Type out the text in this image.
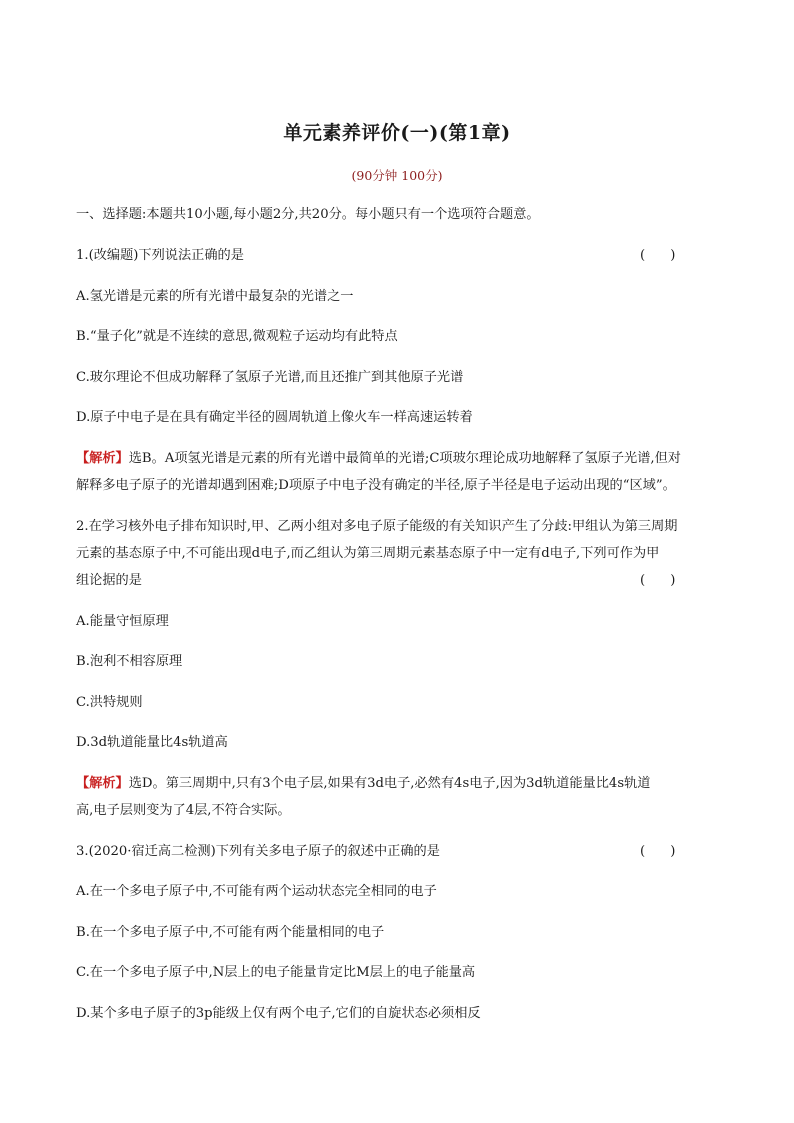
单元素养评价(一)(第1章)
(90分钟 100分)
一、选择题:本题共10小题,每小题2分,共20分。每小题只有一个选项符合题意。
1.(改编题)下列说法正确的是	(      )
A.氢光谱是元素的所有光谱中最复杂的光谱之一
B.“量子化”就是不连续的意思,微观粒子运动均有此特点
C.玻尔理论不但成功解释了氢原子光谱,而且还推广到其他原子光谱
D.原子中电子是在具有确定半径的圆周轨道上像火车一样高速运转着
【解析】选B。A项氢光谱是元素的所有光谱中最简单的光谱;C项玻尔理论成功地解释了氢原子光谱,但对
解释多电子原子的光谱却遇到困难;D项原子中电子没有确定的半径,原子半径是电子运动出现的“区域”。
2.在学习核外电子排布知识时,甲、乙两小组对多电子原子能级的有关知识产生了分歧:甲组认为第三周期
元素的基态原子中,不可能出现d电子,而乙组认为第三周期元素基态原子中一定有d电子,下列可作为甲
组论据的是	(      )
A.能量守恒原理
B.泡利不相容原理
C.洪特规则
D.3d轨道能量比4s轨道高
【解析】选D。第三周期中,只有3个电子层,如果有3d电子,必然有4s电子,因为3d轨道能量比4s轨道
高,电子层则变为了4层,不符合实际。
3.(2020·宿迁高二检测)下列有关多电子原子的叙述中正确的是	(      )
A.在一个多电子原子中,不可能有两个运动状态完全相同的电子
B.在一个多电子原子中,不可能有两个能量相同的电子
C.在一个多电子原子中,N层上的电子能量肯定比M层上的电子能量高
D.某个多电子原子的3p能级上仅有两个电子,它们的自旋状态必须相反
